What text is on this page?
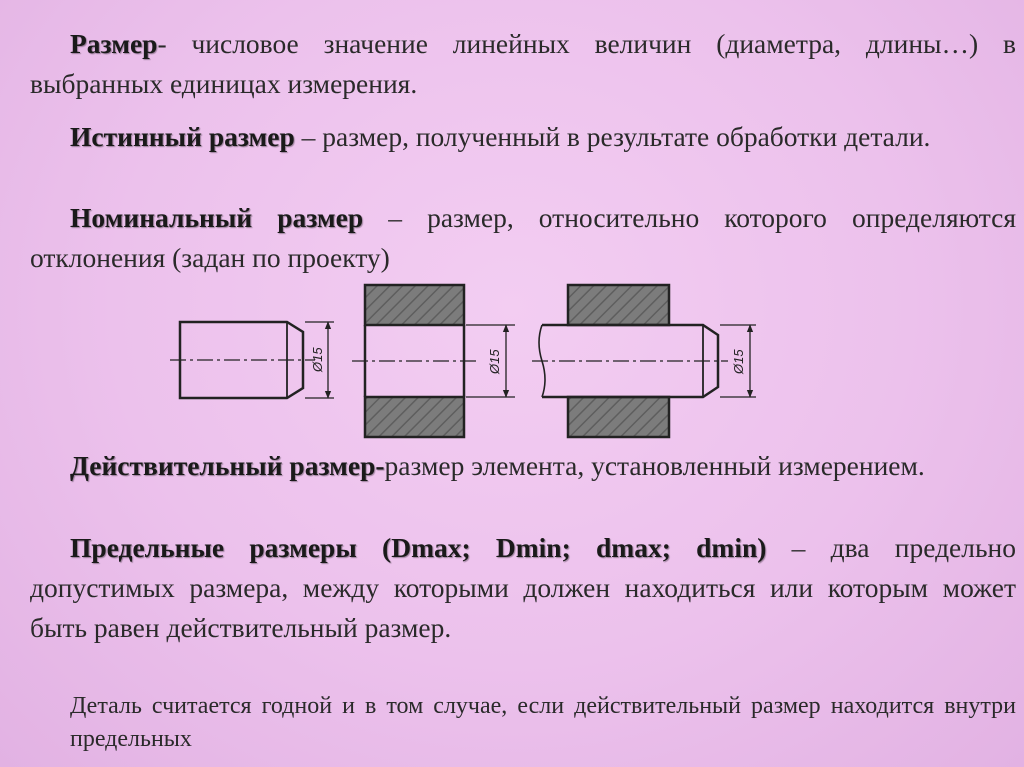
Размер- числовое значение линейных величин (диаметра, длины…) в выбранных единицах измерения.

Истинный размер – размер, полученный в результате обработки детали.

Номинальный размер – размер, относительно которого определяются отклонения (задан по проекту)

Ø15	Ø15	Ø15

Действительный размер-размер элемента, установленный измерением.

Предельные размеры (Dmax; Dmin; dmax; dmin) – два предельно допустимых размера, между которыми должен находиться или которым может быть равен действительный размер.

Деталь считается годной и в том случае, если действительный размер находится внутри предельных
